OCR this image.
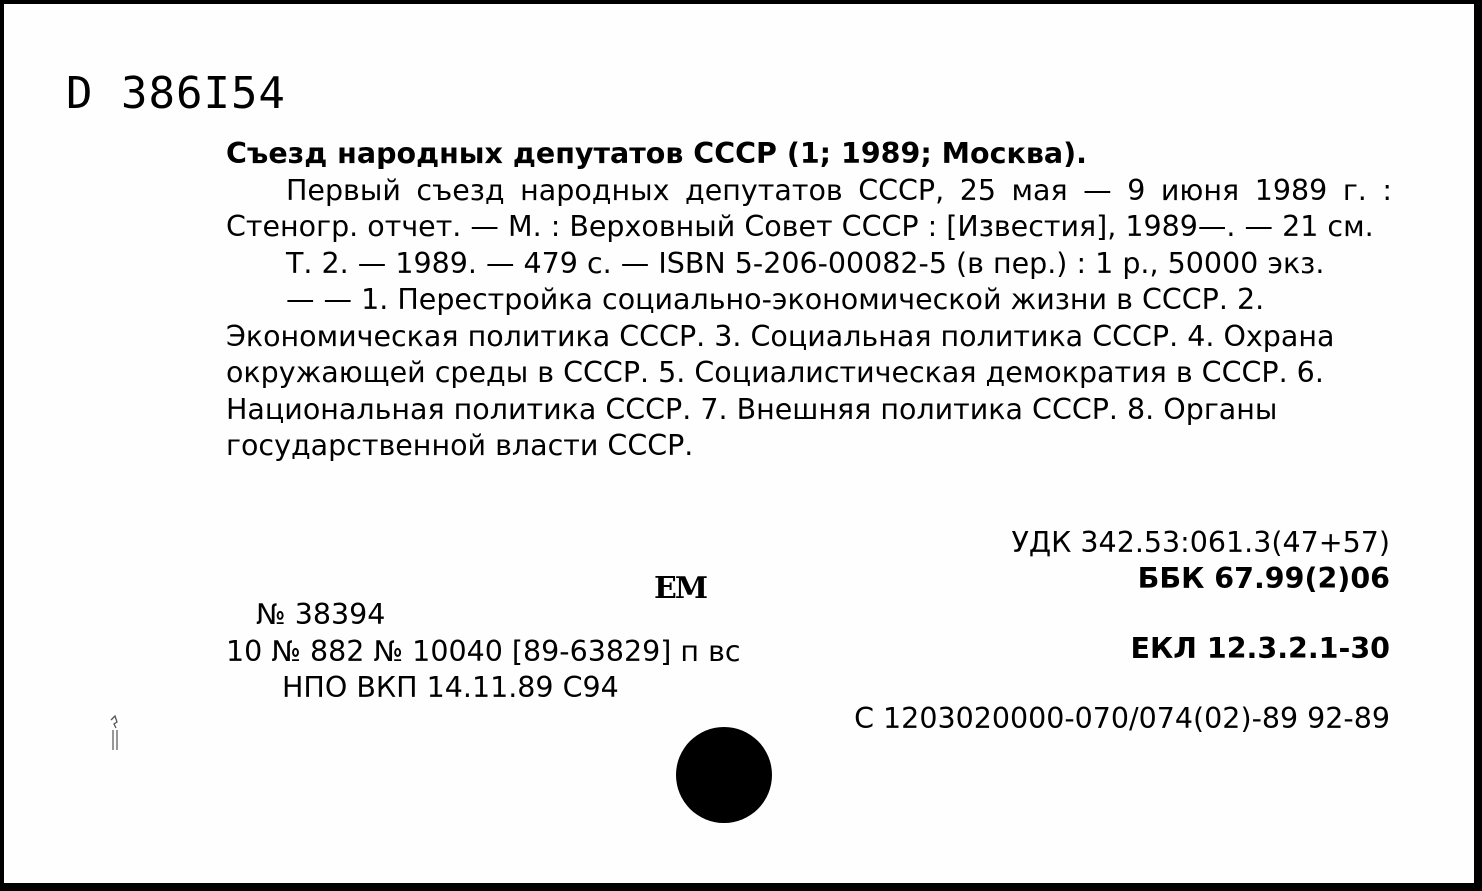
D 386I54

Съезд народных депутатов СССР (1; 1989; Москва).

Первый съезд народных депутатов СССР, 25 мая — 9 июня 1989 г. : Стеногр. отчет. — М. : Верховный Совет СССР : [Известия], 1989—. — 21 см.

Т. 2. — 1989. — 479 с. — ISBN 5-206-00082-5 (в пер.) : 1 р., 50000 экз.

— — 1. Перестройка социально-экономической жизни в СССР. 2. Экономическая политика СССР. 3. Социальная политика СССР. 4. Охрана окружающей среды в СССР. 5. Социалистическая демократия в СССР. 6. Национальная политика СССР. 7. Внешняя политика СССР. 8. Органы государственной власти СССР.

УДК 342.53:061.3(47+57)
ББК 67.99(2)06
ЕМ
№ 38394
10 № 882 № 10040 [89-63829] п вс	ЕКЛ 12.3.2.1-30
НПО ВКП 14.11.89 С94
С 1203020000-070/074(02)-89 92-89
